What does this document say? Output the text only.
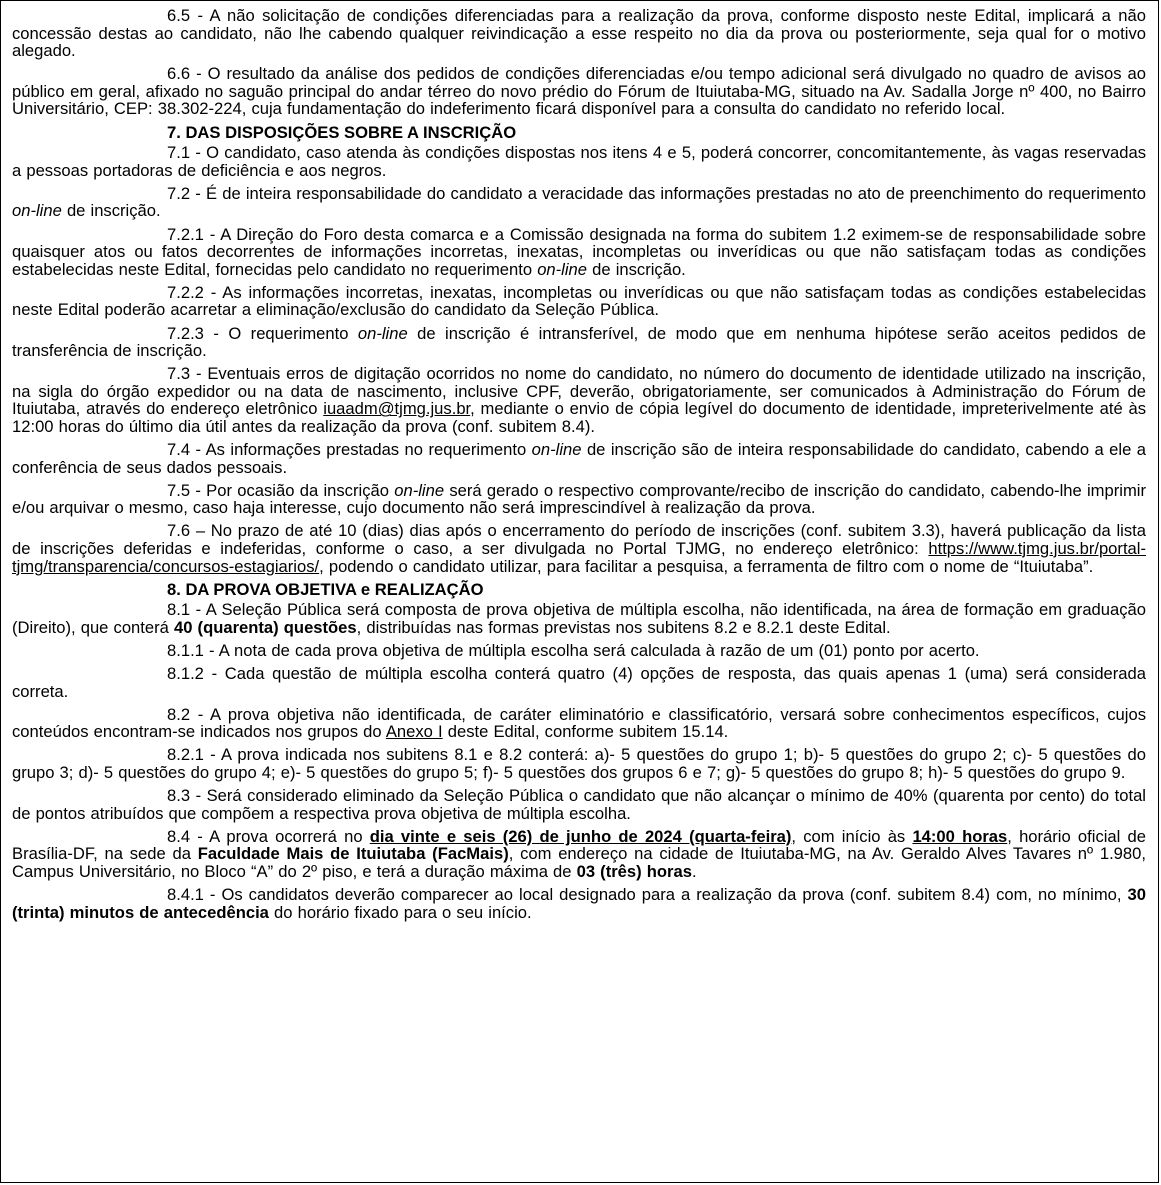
6.5 - A não solicitação de condições diferenciadas para a realização da prova, conforme disposto neste Edital, implicará a não concessão destas ao candidato, não lhe cabendo qualquer reivindicação a esse respeito no dia da prova ou posteriormente, seja qual for o motivo alegado.

6.6 - O resultado da análise dos pedidos de condições diferenciadas e/ou tempo adicional será divulgado no quadro de avisos ao público em geral, afixado no saguão principal do andar térreo do novo prédio do Fórum de Ituiutaba-MG, situado na Av. Sadalla Jorge nº 400, no Bairro Universitário, CEP: 38.302-224, cuja fundamentação do indeferimento ficará disponível para a consulta do candidato no referido local.

7. DAS DISPOSIÇÕES SOBRE A INSCRIÇÃO

7.1 - O candidato, caso atenda às condições dispostas nos itens 4 e 5, poderá concorrer, concomitantemente, às vagas reservadas a pessoas portadoras de deficiência e aos negros.

7.2 - É de inteira responsabilidade do candidato a veracidade das informações prestadas no ato de preenchimento do requerimento on-line de inscrição.

7.2.1 - A Direção do Foro desta comarca e a Comissão designada na forma do subitem 1.2 eximem-se de responsabilidade sobre quaisquer atos ou fatos decorrentes de informações incorretas, inexatas, incompletas ou inverídicas ou que não satisfaçam todas as condições estabelecidas neste Edital, fornecidas pelo candidato no requerimento on-line de inscrição.

7.2.2 - As informações incorretas, inexatas, incompletas ou inverídicas ou que não satisfaçam todas as condições estabelecidas neste Edital poderão acarretar a eliminação/exclusão do candidato da Seleção Pública.

7.2.3 - O requerimento on-line de inscrição é intransferível, de modo que em nenhuma hipótese serão aceitos pedidos de transferência de inscrição.

7.3 - Eventuais erros de digitação ocorridos no nome do candidato, no número do documento de identidade utilizado na inscrição, na sigla do órgão expedidor ou na data de nascimento, inclusive CPF, deverão, obrigatoriamente, ser comunicados à Administração do Fórum de Ituiutaba, através do endereço eletrônico iuaadm@tjmg.jus.br, mediante o envio de cópia legível do documento de identidade, impreterivelmente até às 12:00 horas do último dia útil antes da realização da prova (conf. subitem 8.4).

7.4 - As informações prestadas no requerimento on-line de inscrição são de inteira responsabilidade do candidato, cabendo a ele a conferência de seus dados pessoais.

7.5 - Por ocasião da inscrição on-line será gerado o respectivo comprovante/recibo de inscrição do candidato, cabendo-lhe imprimir e/ou arquivar o mesmo, caso haja interesse, cujo documento não será imprescindível à realização da prova.

7.6 – No prazo de até 10 (dias) dias após o encerramento do período de inscrições (conf. subitem 3.3), haverá publicação da lista de inscrições deferidas e indeferidas, conforme o caso, a ser divulgada no Portal TJMG, no endereço eletrônico: https://www.tjmg.jus.br/portal-tjmg/transparencia/concursos-estagiarios/, podendo o candidato utilizar, para facilitar a pesquisa, a ferramenta de filtro com o nome de “Ituiutaba”.

8. DA PROVA OBJETIVA e REALIZAÇÃO

8.1 - A Seleção Pública será composta de prova objetiva de múltipla escolha, não identificada, na área de formação em graduação (Direito), que conterá 40 (quarenta) questões, distribuídas nas formas previstas nos subitens 8.2 e 8.2.1 deste Edital.

8.1.1 - A nota de cada prova objetiva de múltipla escolha será calculada à razão de um (01) ponto por acerto.

8.1.2 - Cada questão de múltipla escolha conterá quatro (4) opções de resposta, das quais apenas 1 (uma) será considerada correta.

8.2 - A prova objetiva não identificada, de caráter eliminatório e classificatório, versará sobre conhecimentos específicos, cujos conteúdos encontram-se indicados nos grupos do Anexo I deste Edital, conforme subitem 15.14.

8.2.1 - A prova indicada nos subitens 8.1 e 8.2 conterá: a)- 5 questões do grupo 1; b)- 5 questões do grupo 2; c)- 5 questões do grupo 3; d)- 5 questões do grupo 4; e)- 5 questões do grupo 5; f)- 5 questões dos grupos 6 e 7; g)- 5 questões do grupo 8; h)- 5 questões do grupo 9.

8.3 - Será considerado eliminado da Seleção Pública o candidato que não alcançar o mínimo de 40% (quarenta por cento) do total de pontos atribuídos que compõem a respectiva prova objetiva de múltipla escolha.

8.4 - A prova ocorrerá no dia vinte e seis (26) de junho de 2024 (quarta-feira), com início às 14:00 horas, horário oficial de Brasília-DF, na sede da Faculdade Mais de Ituiutaba (FacMais), com endereço na cidade de Ituiutaba-MG, na Av. Geraldo Alves Tavares nº 1.980, Campus Universitário, no Bloco “A” do 2º piso, e terá a duração máxima de 03 (três) horas.

8.4.1 - Os candidatos deverão comparecer ao local designado para a realização da prova (conf. subitem 8.4) com, no mínimo, 30 (trinta) minutos de antecedência do horário fixado para o seu início.
